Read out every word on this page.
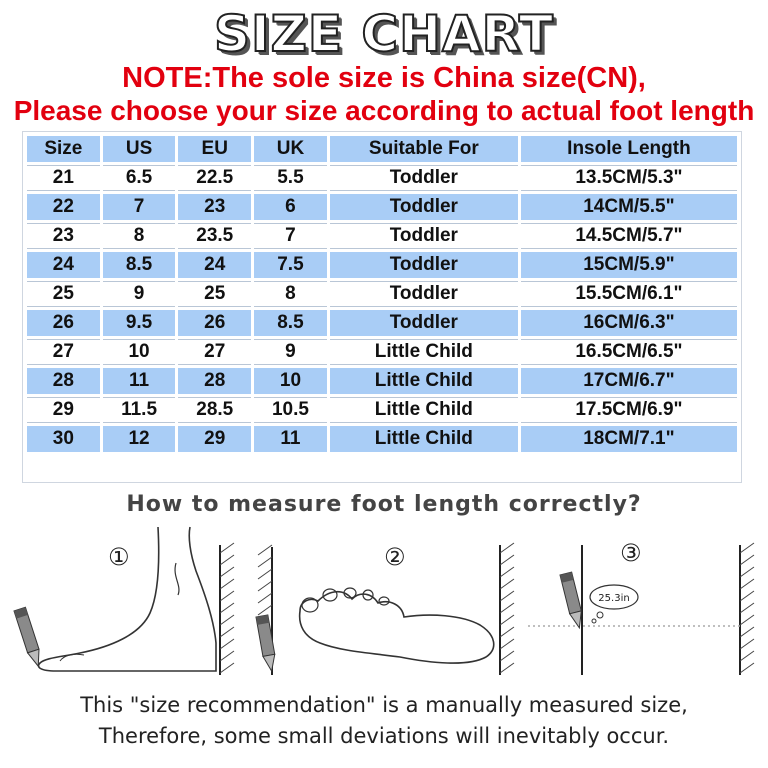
SIZE CHART
NOTE:The sole size is China size(CN),
Please choose your size according to actual foot length
Size	US	EU	UK	Suitable For	Insole Length
21	6.5	22.5	5.5	Toddler	13.5CM/5.3"
22	7	23	6	Toddler	14CM/5.5"
23	8	23.5	7	Toddler	14.5CM/5.7"
24	8.5	24	7.5	Toddler	15CM/5.9"
25	9	25	8	Toddler	15.5CM/6.1"
26	9.5	26	8.5	Toddler	16CM/6.3"
27	10	27	9	Little Child	16.5CM/6.5"
28	11	28	10	Little Child	17CM/6.7"
29	11.5	28.5	10.5	Little Child	17.5CM/6.9"
30	12	29	11	Little Child	18CM/7.1"
How to measure foot length correctly?
①	②	③
25.3in
This "size recommendation" is a manually measured size,
Therefore, some small deviations will inevitably occur.
